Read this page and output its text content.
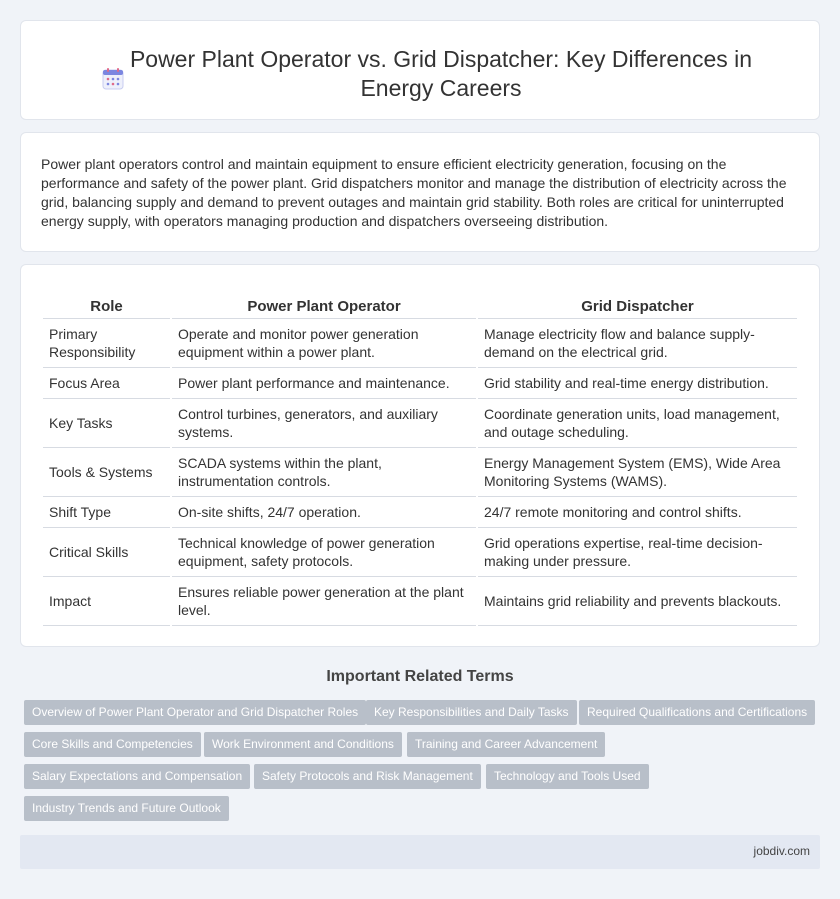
Power Plant Operator vs. Grid Dispatcher: Key Differences in Energy Careers

Power plant operators control and maintain equipment to ensure efficient electricity generation, focusing on the performance and safety of the power plant. Grid dispatchers monitor and manage the distribution of electricity across the grid, balancing supply and demand to prevent outages and maintain grid stability. Both roles are critical for uninterrupted energy supply, with operators managing production and dispatchers overseeing distribution.

Role	Power Plant Operator	Grid Dispatcher
Primary Responsibility	Operate and monitor power generation equipment within a power plant.	Manage electricity flow and balance supply-demand on the electrical grid.
Focus Area	Power plant performance and maintenance.	Grid stability and real-time energy distribution.
Key Tasks	Control turbines, generators, and auxiliary systems.	Coordinate generation units, load management, and outage scheduling.
Tools & Systems	SCADA systems within the plant, instrumentation controls.	Energy Management System (EMS), Wide Area Monitoring Systems (WAMS).
Shift Type	On-site shifts, 24/7 operation.	24/7 remote monitoring and control shifts.
Critical Skills	Technical knowledge of power generation equipment, safety protocols.	Grid operations expertise, real-time decision-making under pressure.
Impact	Ensures reliable power generation at the plant level.	Maintains grid reliability and prevents blackouts.
Important Related Terms
Overview of Power Plant Operator and Grid Dispatcher Roles	Key Responsibilities and Daily Tasks	Required Qualifications and Certifications
Core Skills and Competencies	Work Environment and Conditions	Training and Career Advancement
Salary Expectations and Compensation	Safety Protocols and Risk Management	Technology and Tools Used
Industry Trends and Future Outlook
jobdiv.com
